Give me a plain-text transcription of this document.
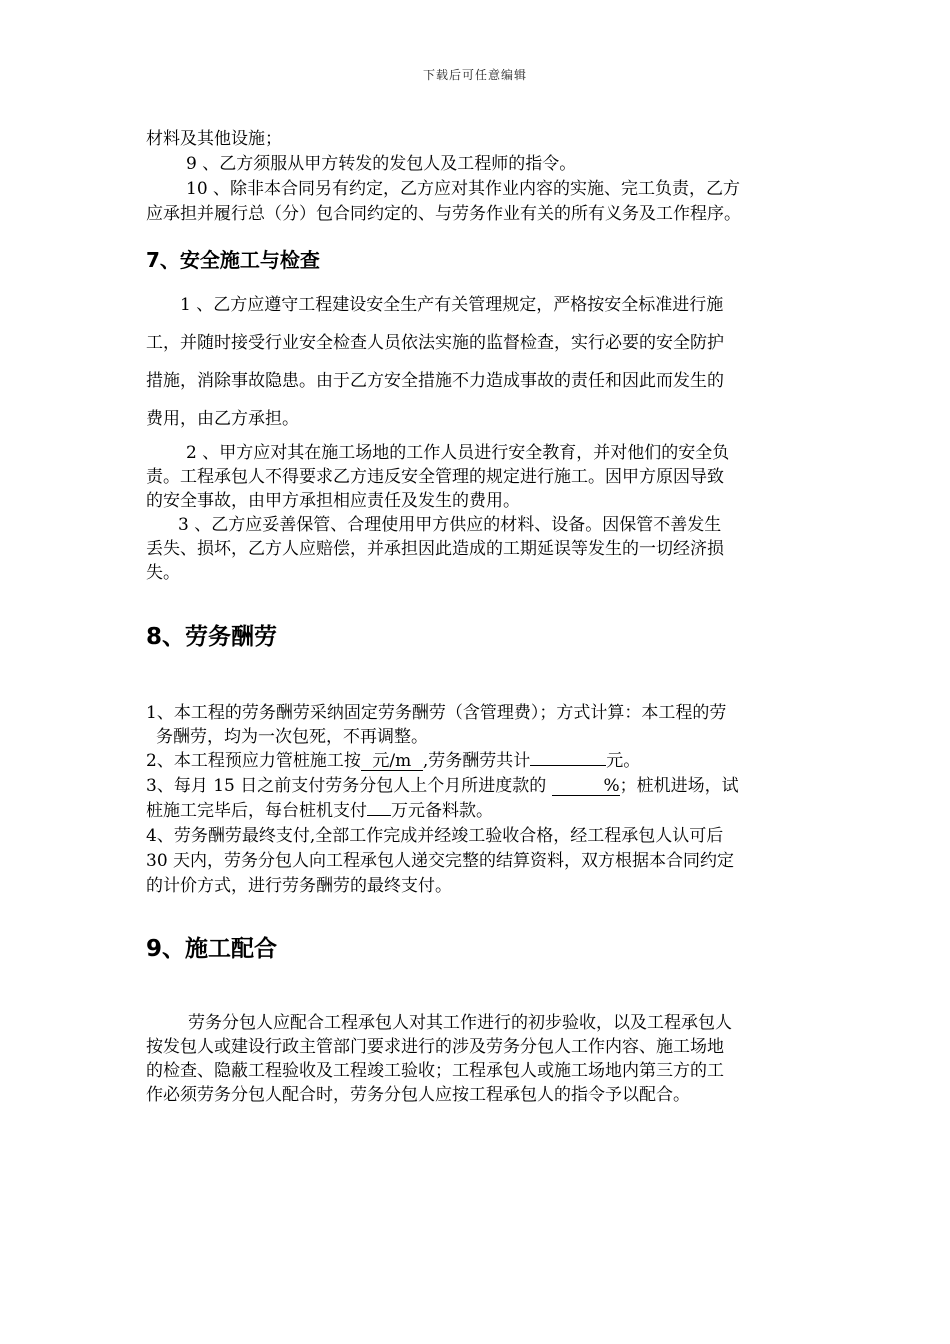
下载后可任意编辑
材料及其他设施；
9 、乙方须服从甲方转发的发包人及工程师的指令。
10 、除非本合同另有约定，乙方应对其作业内容的实施、完工负责，乙方
应承担并履行总（分）包合同约定的、与劳务作业有关的所有义务及工作程序。
7、安全施工与检查
1 、乙方应遵守工程建设安全生产有关管理规定，严格按安全标准进行施
工，并随时接受行业安全检查人员依法实施的监督检查，实行必要的安全防护
措施，消除事故隐患。由于乙方安全措施不力造成事故的责任和因此而发生的
费用，由乙方承担。
2 、甲方应对其在施工场地的工作人员进行安全教育，并对他们的安全负
责。工程承包人不得要求乙方违反安全管理的规定进行施工。因甲方原因导致
的安全事故，由甲方承担相应责任及发生的费用。
3 、乙方应妥善保管、合理使用甲方供应的材料、设备。因保管不善发生
丢失、损坏，乙方人应赔偿，并承担因此造成的工期延误等发生的一切经济损
失。
8、劳务酬劳
1、本工程的劳务酬劳采纳固定劳务酬劳（含管理费）；方式计算：本工程的劳
务酬劳，均为一次包死，不再调整。
2、本工程预应力管桩施工按 元/m ,劳务酬劳共计	元。
3、每月 15 日之前支付劳务分包人上个月所进度款的	%；桩机进场，试
桩施工完毕后，每台桩机支付 万元备料款。
4、劳务酬劳最终支付,全部工作完成并经竣工验收合格，经工程承包人认可后
30 天内，劳务分包人向工程承包人递交完整的结算资料，双方根据本合同约定
的计价方式，进行劳务酬劳的最终支付。
9、施工配合
劳务分包人应配合工程承包人对其工作进行的初步验收，以及工程承包人
按发包人或建设行政主管部门要求进行的涉及劳务分包人工作内容、施工场地
的检查、隐蔽工程验收及工程竣工验收；工程承包人或施工场地内第三方的工
作必须劳务分包人配合时，劳务分包人应按工程承包人的指令予以配合。
